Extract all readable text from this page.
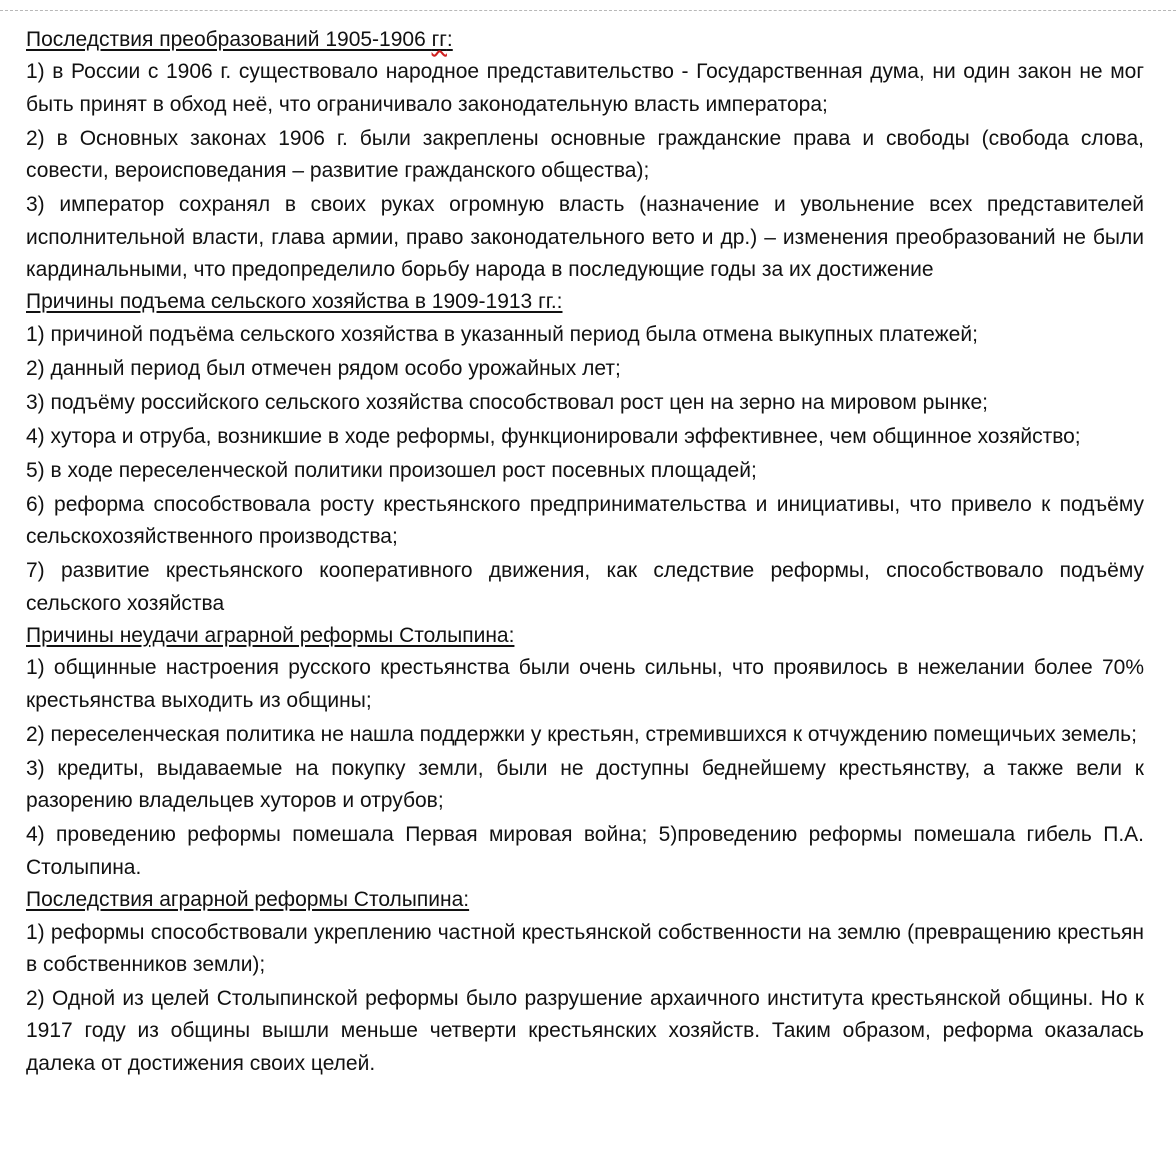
Последствия преобразований 1905-1906 гг:

1) в России с 1906 г. существовало народное представительство - Государственная дума, ни один закон не мог быть принят в обход неё, что ограничивало законодательную власть императора;

2) в Основных законах 1906 г. были закреплены основные гражданские права и свободы (свобода слова, совести, вероисповедания – развитие гражданского общества);

3) император сохранял в своих руках огромную власть (назначение и увольнение всех представителей исполнительной власти, глава армии, право законодательного вето и др.) – изменения преобразований не были кардинальными, что предопределило борьбу народа в последующие годы за их достижение

Причины подъема сельского хозяйства в 1909-1913 гг.:

1) причиной подъёма сельского хозяйства в указанный период была отмена выкупных платежей;

2) данный период был отмечен рядом особо урожайных лет;

3) подъёму российского сельского хозяйства способствовал рост цен на зерно на мировом рынке;

4) хутора и отруба, возникшие в ходе реформы, функционировали эффективнее, чем общинное хозяйство;

5) в ходе переселенческой политики произошел рост посевных площадей;

6) реформа способствовала росту крестьянского предпринимательства и инициативы, что привело к подъёму сельскохозяйственного производства;

7) развитие крестьянского кооперативного движения, как следствие реформы, способствовало подъёму сельского хозяйства

Причины неудачи аграрной реформы Столыпина:

1) общинные настроения русского крестьянства были очень сильны, что проявилось в нежелании более 70% крестьянства выходить из общины;

2) переселенческая политика не нашла поддержки у крестьян, стремившихся к отчуждению помещичьих земель;

3) кредиты, выдаваемые на покупку земли, были не доступны беднейшему крестьянству, а также вели к разорению владельцев хуторов и отрубов;

4) проведению реформы помешала Первая мировая война; 5)проведению реформы помешала гибель П.А. Столыпина.

Последствия аграрной реформы Столыпина:

1) реформы способствовали укреплению частной крестьянской собственности на землю (превращению крестьян в собственников земли);

2) Одной из целей Столыпинской реформы было разрушение архаичного института крестьянской общины. Но к 1917 году из общины вышли меньше четверти крестьянских хозяйств. Таким образом, реформа оказалась далека от достижения своих целей.
